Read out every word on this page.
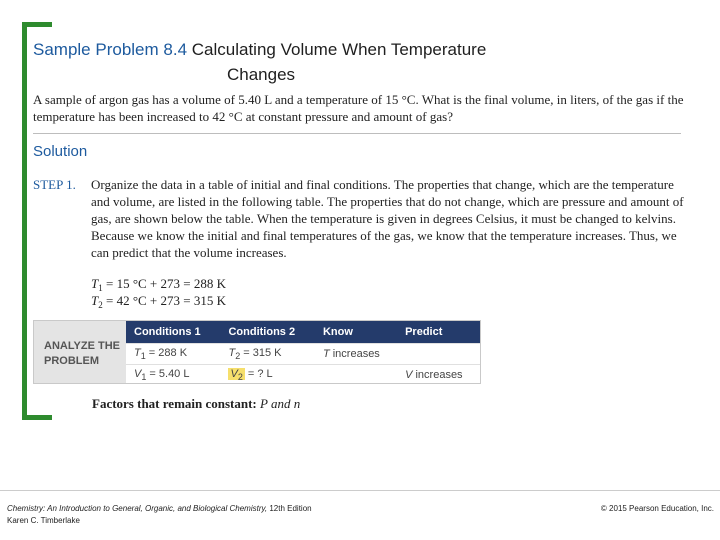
Sample Problem 8.4 Calculating Volume When Temperature
Changes
A sample of argon gas has a volume of 5.40 L and a temperature of 15 °C. What is the final volume, in liters, of the gas if the temperature has been increased to 42 °C at constant pressure and amount of gas?
Solution
STEP 1. Organize the data in a table of initial and final conditions. The properties that change, which are the temperature and volume, are listed in the following table. The properties that do not change, which are pressure and amount of gas, are shown below the table. When the temperature is given in degrees Celsius, it must be changed to kelvins. Because we know the initial and final temperatures of the gas, we know that the temperature increases. Thus, we can predict that the volume increases.
$T_1 = 15$ °C + 273 = 288 K
$T_2 = 42$ °C + 273 = 315 K
ANALYZE THE
PROBLEM
Conditions 1	Conditions 2	Know	Predict
$T_1 = 288$ K	$T_2 = 315$ K	T increases	
$V_1 = 5.40$ L	$V_2$ = ? L		V increases
Factors that remain constant: P and n
Chemistry: An Introduction to General, Organic, and Biological Chemistry, 12th Edition
Karen C. Timberlake
© 2015 Pearson Education, Inc.
